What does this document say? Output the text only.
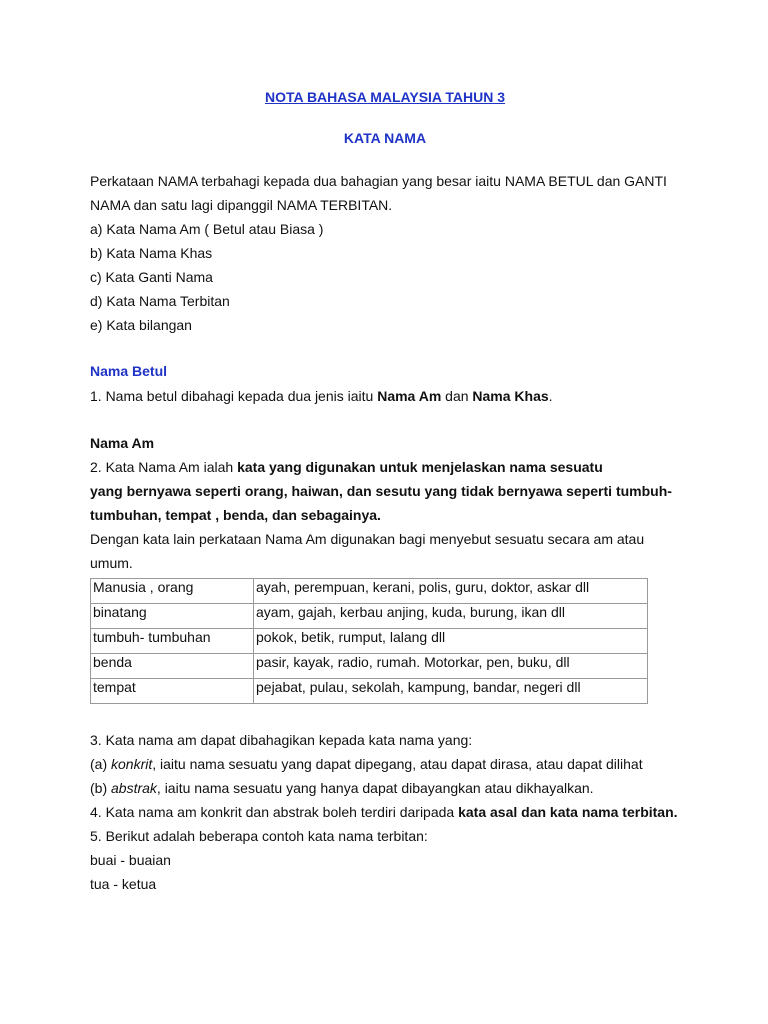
NOTA BAHASA MALAYSIA TAHUN 3
KATA NAMA
Perkataan NAMA terbahagi kepada dua bahagian yang besar iaitu NAMA BETUL dan GANTI
NAMA dan satu lagi dipanggil NAMA TERBITAN.
a) Kata Nama Am ( Betul atau Biasa )
b) Kata Nama Khas
c) Kata Ganti Nama
d) Kata Nama Terbitan
e) Kata bilangan
Nama Betul
1. Nama betul dibahagi kepada dua jenis iaitu Nama Am dan Nama Khas.
Nama Am
2. Kata Nama Am ialah kata yang digunakan untuk menjelaskan nama sesuatu
yang bernyawa seperti orang, haiwan, dan sesutu yang tidak bernyawa seperti tumbuh-
tumbuhan, tempat , benda, dan sebagainya.
Dengan kata lain perkataan Nama Am digunakan bagi menyebut sesuatu secara am atau
umum.
Manusia , orang	ayah, perempuan, kerani, polis, guru, doktor, askar dll
binatang	ayam, gajah, kerbau anjing, kuda, burung, ikan dll
tumbuh- tumbuhan	pokok, betik, rumput, lalang dll
benda	pasir, kayak, radio, rumah. Motorkar, pen, buku, dll
tempat	pejabat, pulau, sekolah, kampung, bandar, negeri dll
3. Kata nama am dapat dibahagikan kepada kata nama yang:
(a) konkrit, iaitu nama sesuatu yang dapat dipegang, atau dapat dirasa, atau dapat dilihat
(b) abstrak, iaitu nama sesuatu yang hanya dapat dibayangkan atau dikhayalkan.
4. Kata nama am konkrit dan abstrak boleh terdiri daripada kata asal dan kata nama terbitan.
5. Berikut adalah beberapa contoh kata nama terbitan:
buai - buaian
tua - ketua
